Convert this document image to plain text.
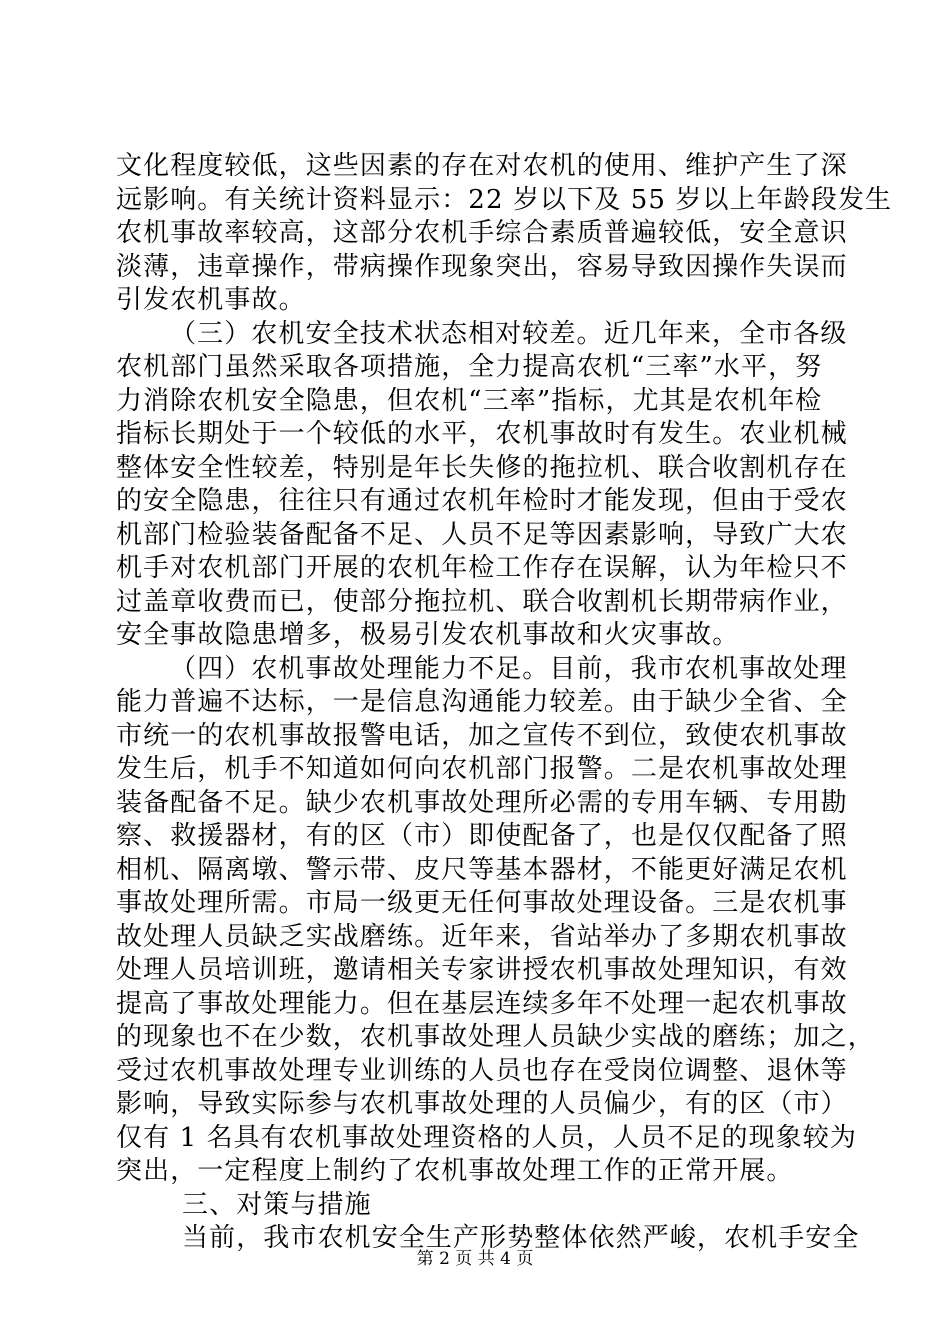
文化程度较低，这些因素的存在对农机的使用、维护产生了深
远影响。有关统计资料显示：22 岁以下及 55 岁以上年龄段发生
农机事故率较高，这部分农机手综合素质普遍较低，安全意识
淡薄，违章操作，带病操作现象突出，容易导致因操作失误而
引发农机事故。
（三）农机安全技术状态相对较差。近几年来，全市各级
农机部门虽然采取各项措施，全力提高农机“三率”水平，努
力消除农机安全隐患，但农机“三率”指标，尤其是农机年检
指标长期处于一个较低的水平，农机事故时有发生。农业机械
整体安全性较差，特别是年长失修的拖拉机、联合收割机存在
的安全隐患，往往只有通过农机年检时才能发现，但由于受农
机部门检验装备配备不足、人员不足等因素影响，导致广大农
机手对农机部门开展的农机年检工作存在误解，认为年检只不
过盖章收费而已，使部分拖拉机、联合收割机长期带病作业，
安全事故隐患增多，极易引发农机事故和火灾事故。
（四）农机事故处理能力不足。目前，我市农机事故处理
能力普遍不达标，一是信息沟通能力较差。由于缺少全省、全
市统一的农机事故报警电话，加之宣传不到位，致使农机事故
发生后，机手不知道如何向农机部门报警。二是农机事故处理
装备配备不足。缺少农机事故处理所必需的专用车辆、专用勘
察、救援器材，有的区（市）即使配备了，也是仅仅配备了照
相机、隔离墩、警示带、皮尺等基本器材，不能更好满足农机
事故处理所需。市局一级更无任何事故处理设备。三是农机事
故处理人员缺乏实战磨练。近年来，省站举办了多期农机事故
处理人员培训班，邀请相关专家讲授农机事故处理知识，有效
提高了事故处理能力。但在基层连续多年不处理一起农机事故
的现象也不在少数，农机事故处理人员缺少实战的磨练；加之，
受过农机事故处理专业训练的人员也存在受岗位调整、退休等
影响，导致实际参与农机事故处理的人员偏少，有的区（市）
仅有 1 名具有农机事故处理资格的人员，人员不足的现象较为
突出，一定程度上制约了农机事故处理工作的正常开展。
三、对策与措施
当前，我市农机安全生产形势整体依然严峻，农机手安全
第 2 页 共 4 页
